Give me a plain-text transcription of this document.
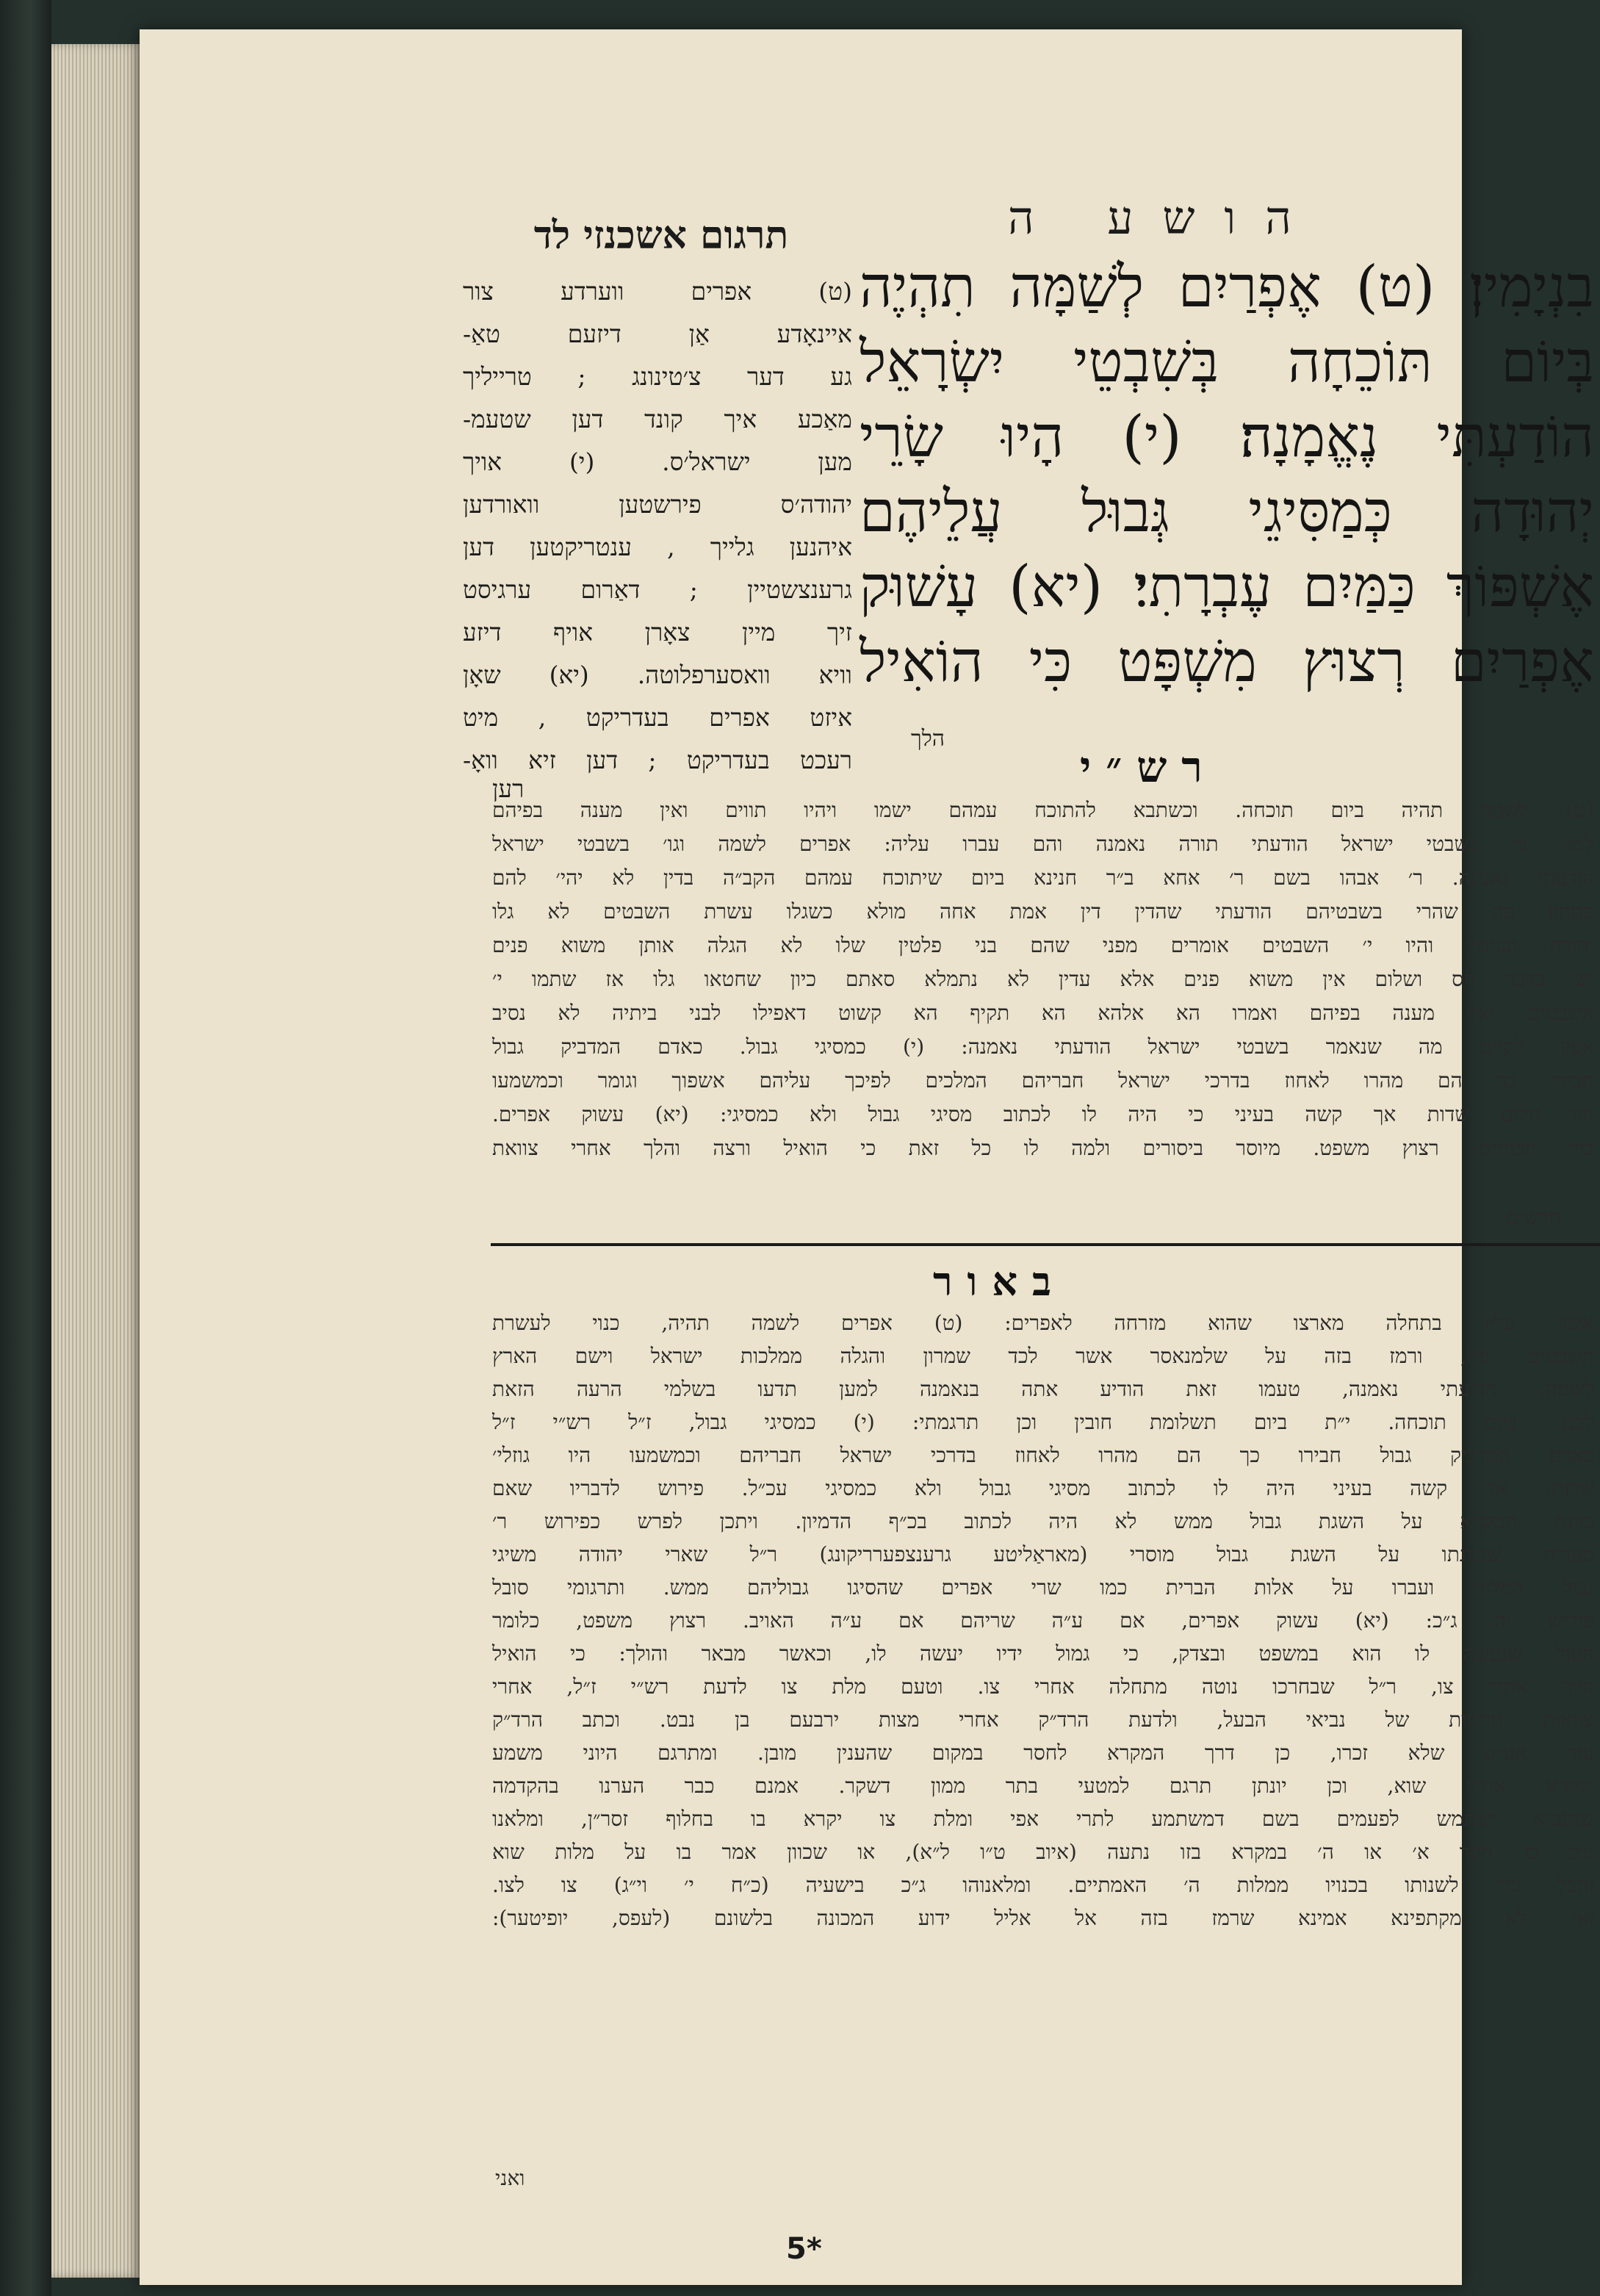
הושע ה
תרגום אשכנזי לד

בִנְיָמִין׃ (ט) אֶפְרַיִם לְשַׁמָּה תִהְיֶה

בְּיוֹם תּוֹכֵחָה בְּשִׁבְטֵי יִשְׂרָאֵל

הוֹדַעְתִּי נֶאֱמָנָה׃ (י) הָיוּ שָׂרֵי

יְהוּדָה כְּמַסִּיגֵי גְּבוּל עֲלֵיהֶם

אֶשְׁפּוֹךְ כַּמַּיִם עֶבְרָתִי׃ (יא) עָשׁוּק

אֶפְרַיִם רְצוּץ מִשְׁפָּט כִּי הוֹאִיל

הלך

(ט) אפרים ווערדע צור

איינאָדע אַן דיזעם טאַ-

גע דער צ׳טינונג ; טרייליך

מאַכע איך קונד דען שטעמ-

מען ישראל׳ס. (י) אויך

יהודה׳ס פירשטען וואורדען

איהנען גלייך , ענטריקטען דען

גרענצשטיין ; דאַרום ערגיסט

זיך מיין צאָרן אויף דיזע

וויא וואסערפלוטה. (יא) שאָן

איזט אפרים בעדריקט , מיט

רעכט בעדריקט ; דען זיא וואָ-

רען	רש״י

(ט) לשמה תהיה ביום תוכחה. וכשתבא להתוכח עמהם ישמו ויהיו תווים ואין מענה בפיהם

למה כי בשבטי ישראל הודעתי תורה נאמנה והם עברו עליה: אפרים לשמה וגו׳ בשבטי ישראל

הודעתי נאמנה. ר׳ אבהו בשם ר׳ אחא ב״ר חנינא ביום שיתוכח עמהם הקב״ה בדין לא יהי׳ להם

פתחון פה שהרי בשבטיהם הודעתי שהדין דין אמת אחה מולא כשגלו עשרת השבטים לא גלו

יהודה ובנימין והיו י׳ השבטים אומרים מפני שהם בני פלטין שלו לא הגלה אותן משוא פנים

יש בדבר חס ושלום אין משוא פנים אלא עדין לא נתמלא סאתם כיון שחטאו גלו אז שתמו י׳

השבטים ואין מענה בפיהם ואמרו הא אלהא הא תקיף הא קשוט דאפילו לבני ביתיה לא נסיב

אפין לקיים מה שנאמר בשבטי ישראל הודעתי נאמנה: (י) כמסיגי גבול. כאדם המדביק גבול

חבירו כך הם מהרו לאחוז בדרכי ישראל חבריהם המלכים לפיכך עליהם אשפוך וגומר וכמשמעו

היו גולים שדות אך קשה בעיני כי היה לו לכתוב מסיגי גבול ולא כמסיגי: (יא) עשוק אפרים.

ביד הכותים: רצוץ משפט. מיוסר ביסורים ולמה לו כל זאת כי הואיל ורצה והלך אחרי צוואת

חדשים
באור

אשר עליו בתחלה מארצו שהוא מזרחה לאפרים: (ט) אפרים לשמה תהיה, כנוי לעשרת

השבטים פה, ורמז בזה על שלמנאסר אשר לכד שמרון והגלה ממלכות ישראל וישם הארץ

לשמה: הודעתי נאמנה, טעמו זאת הודיע אתה בנאמנה למען תדעו בשלמי הרעה הזאת

לכם: ביום תוכחה. י״ת ביום תשלומת חובין וכן תרגמתי: (י) כמסיגי גבול, ז״ל רש״י ז״ל

כאדם המדביק גבול חבירו כך הם מהרו לאחוז בדרכי ישראל חבריהם וכמשמעו היו גוזלי׳

שדות, אך קשה בעיני היה לו לכתוב מסיגי גבול ולא כמסיגי עכ״ל. פירוש לדבריו שאם

כוונת המקרא על השגת גבול ממש לא היה לכתוב בכ״ף הדמיון. ויתכן לפרש כפירוש ר׳

סעדיה שכוונתו על השגת גבול מוסרי (מאראַליטע גרענצפערריקונג) ר״ל שארי יהודה משיגי

גבול המלות ועברו על אלות הברית כמו שרי אפרים שהסיגו גבוליהם ממש. ותרגומי סובל

פירוש זה ג״כ: (יא) עשוק אפרים, אם ע״ה שריהם אם ע״ה האויב. רצוץ משפט, כלומר

העול שנעשה לו הוא במשפט ובצדק, כי גמול ידיו יעשה לו, וכאשר מבאר והולך: כי הואיל

הלך אחרי צו, ר״ל שבחרכו נוטה מתחלה אחרי צו. וטעם מלת צו לדעת רש״י ז״ל, אחרי

צוואות חדשות של נביאי הבעל, ולדעת הרד״ק אחרי מצות ירבעם בן נבט. וכתב הרד״ק

עוד אע״פ שלא זכרו, כן דרך המקרא לחסר במקום שהענין מובן. ומתרגם היוני משמע

שקרא אחרי שוא, וכן יונתן תרגם למטעי בתר ממון דשקר. אמנם כבר הערנו בהקדמה

שהנביא ישתמש לפעמים בשם דמשתמע לתרי אפי ומלת צו יקרא בו בחלוף זסר״ן, ומלאנו

ג״כ בו חסר א׳ או ה׳ במקרא בזו נתעה (איוב ט״ו ל״א), או שכוון אמר בו על מלות שוא

והבל כדי לשנותו בכנויו ממלות ה׳ האמתיים. ומלאנוהו ג״כ בישעיה (כ״ח י׳ וי״ג) צו לצו.

ואי לא מקתפינא אמינא שרמז בזה אל אליל ידוע המכונה בלשונם (לעפס, יופיטער):

ואני
5*
